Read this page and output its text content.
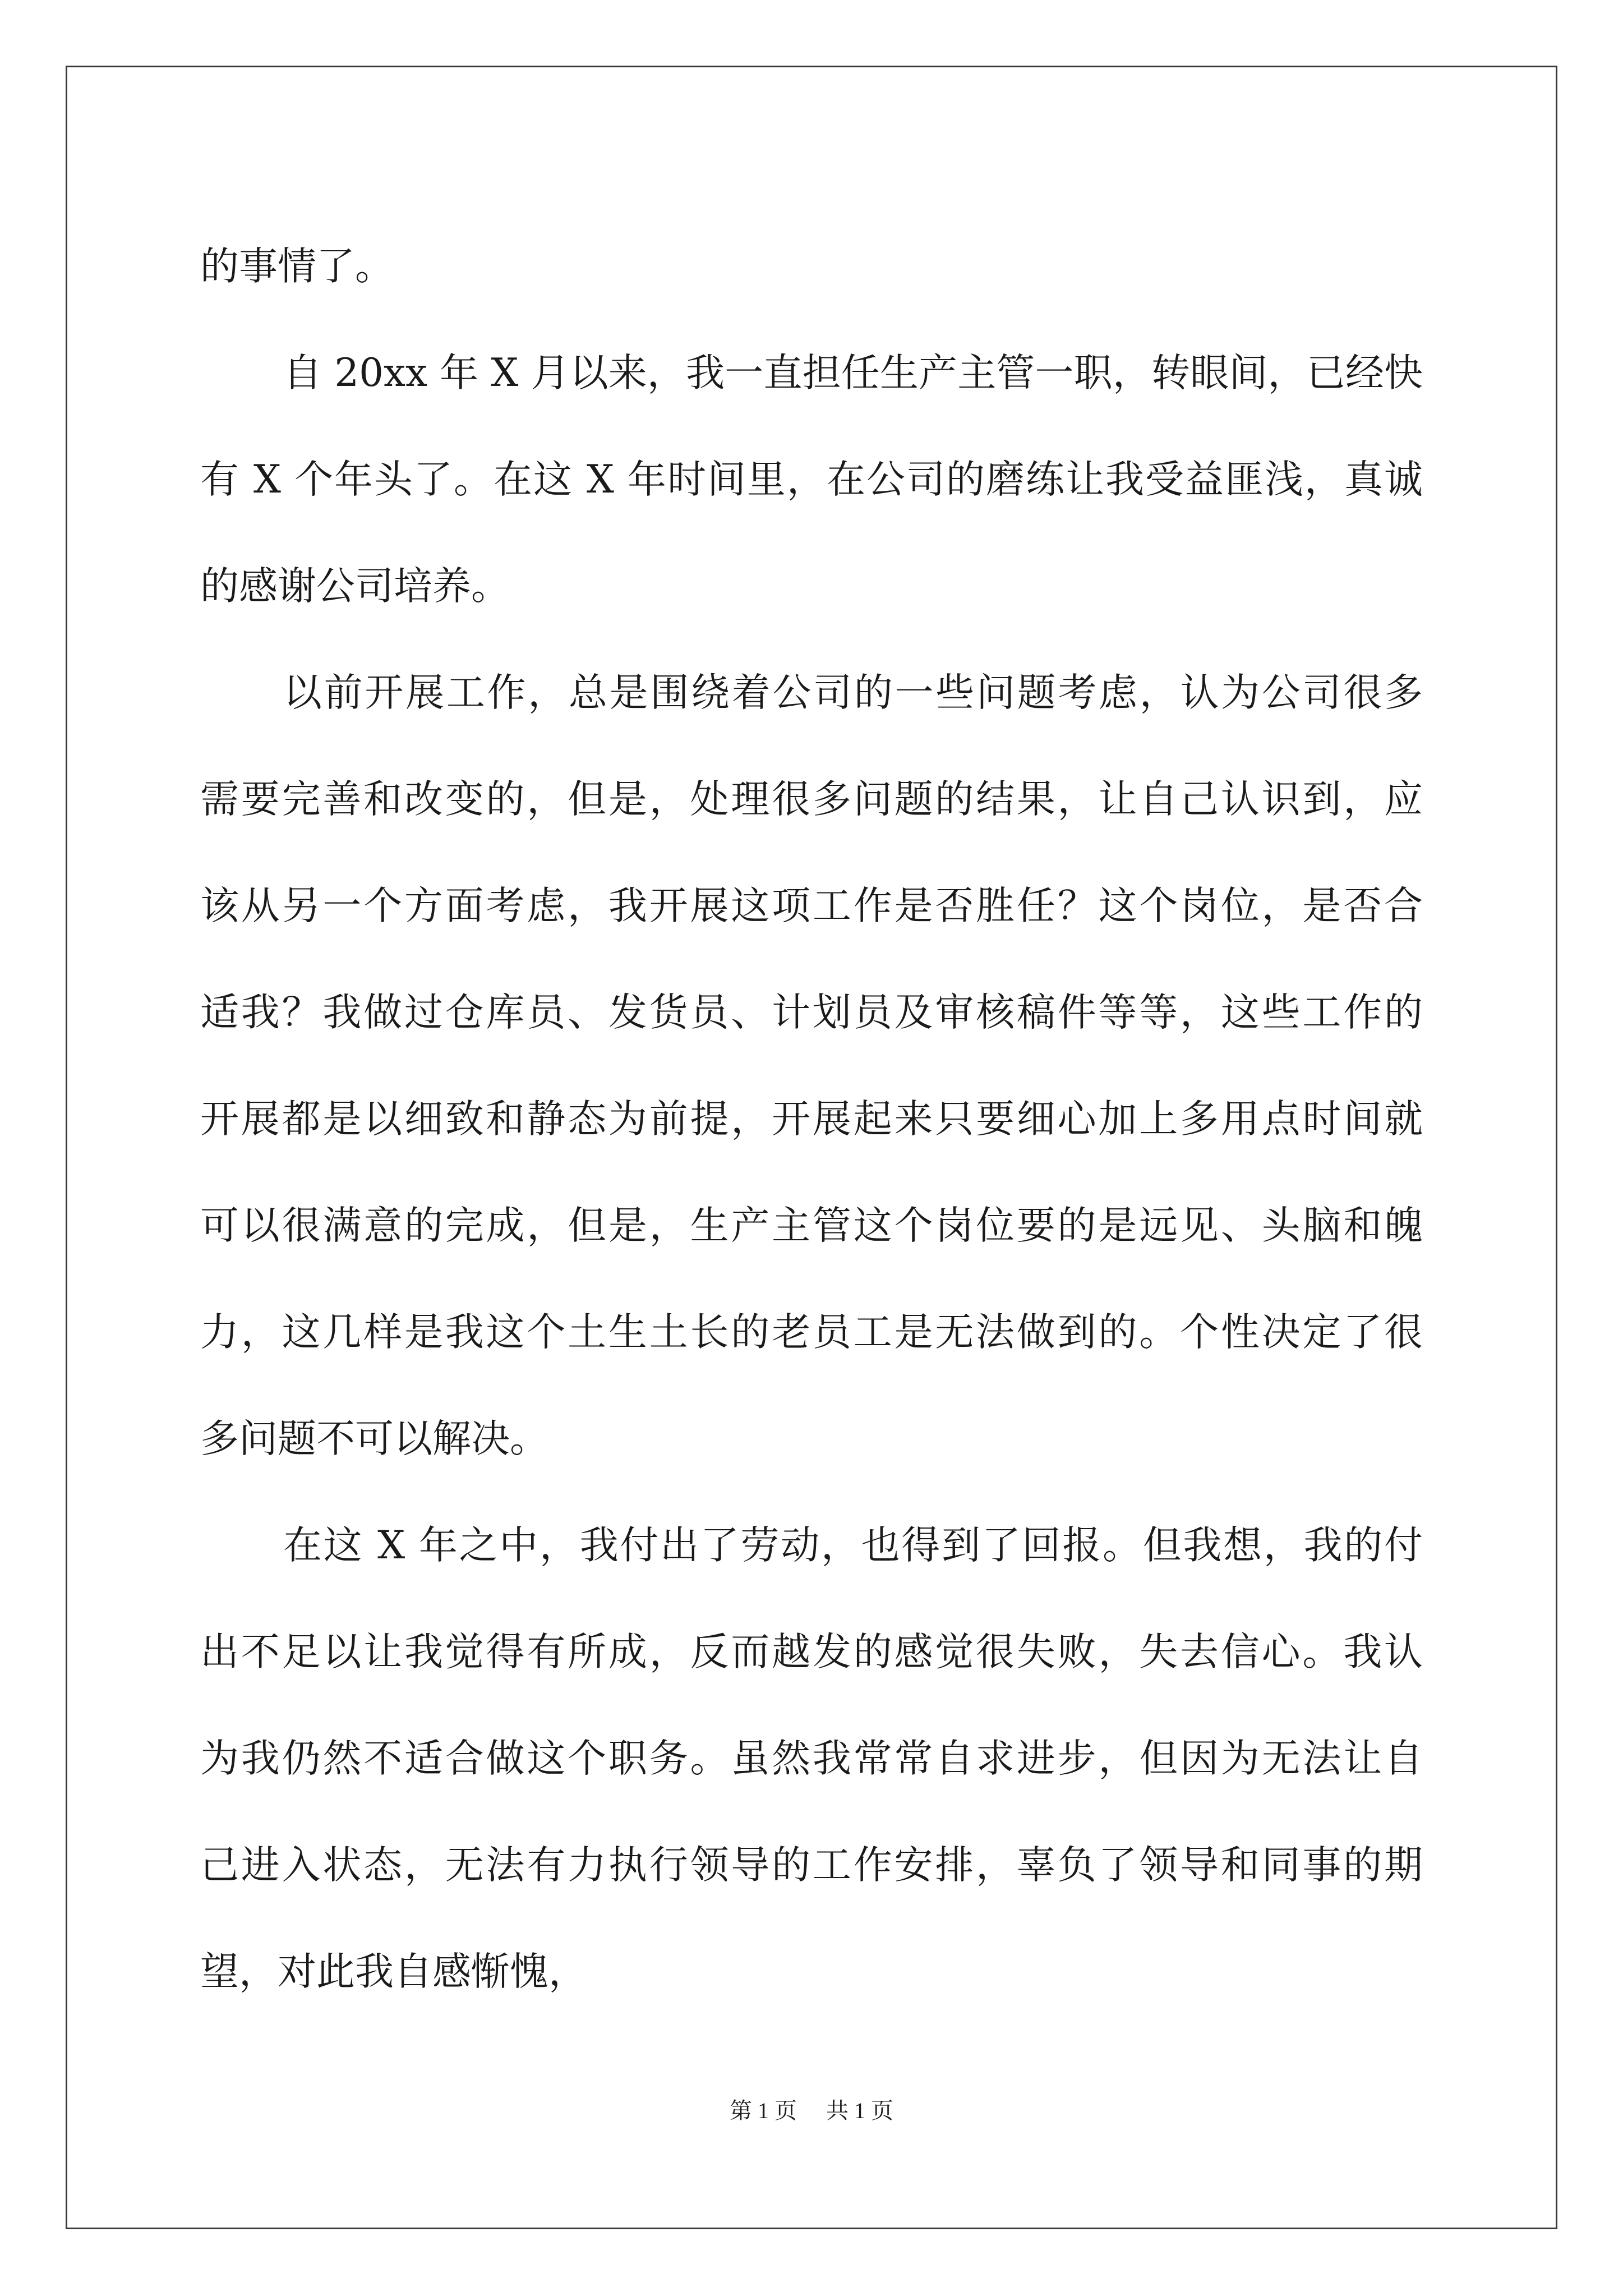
的事情了。
自 20xx 年 X 月以来，我一直担任生产主管一职，转眼间，已经快
有 X 个年头了。在这 X 年时间里，在公司的磨练让我受益匪浅，真诚
的感谢公司培养。
以前开展工作，总是围绕着公司的一些问题考虑，认为公司很多
需要完善和改变的，但是，处理很多问题的结果，让自己认识到，应
该从另一个方面考虑，我开展这项工作是否胜任？这个岗位，是否合
适我？我做过仓库员、发货员、计划员及审核稿件等等，这些工作的
开展都是以细致和静态为前提，开展起来只要细心加上多用点时间就
可以很满意的完成，但是，生产主管这个岗位要的是远见、头脑和魄
力，这几样是我这个土生土长的老员工是无法做到的。个性决定了很
多问题不可以解决。
在这 X 年之中，我付出了劳动，也得到了回报。但我想，我的付
出不足以让我觉得有所成，反而越发的感觉很失败，失去信心。我认
为我仍然不适合做这个职务。虽然我常常自求进步，但因为无法让自
己进入状态，无法有力执行领导的工作安排，辜负了领导和同事的期
望，对此我自感惭愧，
第 1 页 共 1 页
